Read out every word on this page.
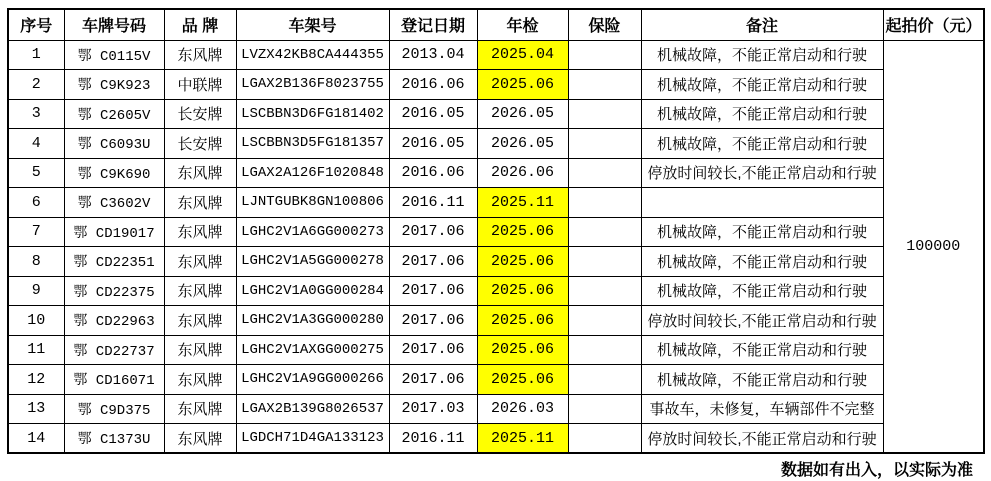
序号	车牌号码	品 牌	车架号	登记日期	年检	保险	备注	起拍价（元）
1	鄂 C0115V	东风牌	LVZX42KB8CA444355	2013.04	2025.04		机械故障，不能正常启动和行驶	100000
2	鄂 C9K923	中联牌	LGAX2B136F8023755	2016.06	2025.06		机械故障，不能正常启动和行驶	
3	鄂 C2605V	长安牌	LSCBBN3D6FG181402	2016.05	2026.05		机械故障，不能正常启动和行驶	
4	鄂 C6093U	长安牌	LSCBBN3D5FG181357	2016.05	2026.05		机械故障，不能正常启动和行驶	
5	鄂 C9K690	东风牌	LGAX2A126F1020848	2016.06	2026.06		停放时间较长,不能正常启动和行驶	
6	鄂 C3602V	东风牌	LJNTGUBK8GN100806	2016.11	2025.11			
7	鄂 CD19017	东风牌	LGHC2V1A6GG000273	2017.06	2025.06		机械故障，不能正常启动和行驶	
8	鄂 CD22351	东风牌	LGHC2V1A5GG000278	2017.06	2025.06		机械故障，不能正常启动和行驶	
9	鄂 CD22375	东风牌	LGHC2V1A0GG000284	2017.06	2025.06		机械故障，不能正常启动和行驶	
10	鄂 CD22963	东风牌	LGHC2V1A3GG000280	2017.06	2025.06		停放时间较长,不能正常启动和行驶	
11	鄂 CD22737	东风牌	LGHC2V1AXGG000275	2017.06	2025.06		机械故障，不能正常启动和行驶	
12	鄂 CD16071	东风牌	LGHC2V1A9GG000266	2017.06	2025.06		机械故障，不能正常启动和行驶	
13	鄂 C9D375	东风牌	LGAX2B139G8026537	2017.03	2026.03		事故车，未修复，车辆部件不完整	
14	鄂 C1373U	东风牌	LGDCH71D4GA133123	2016.11	2025.11		停放时间较长,不能正常启动和行驶	
数据如有出入，以实际为准
